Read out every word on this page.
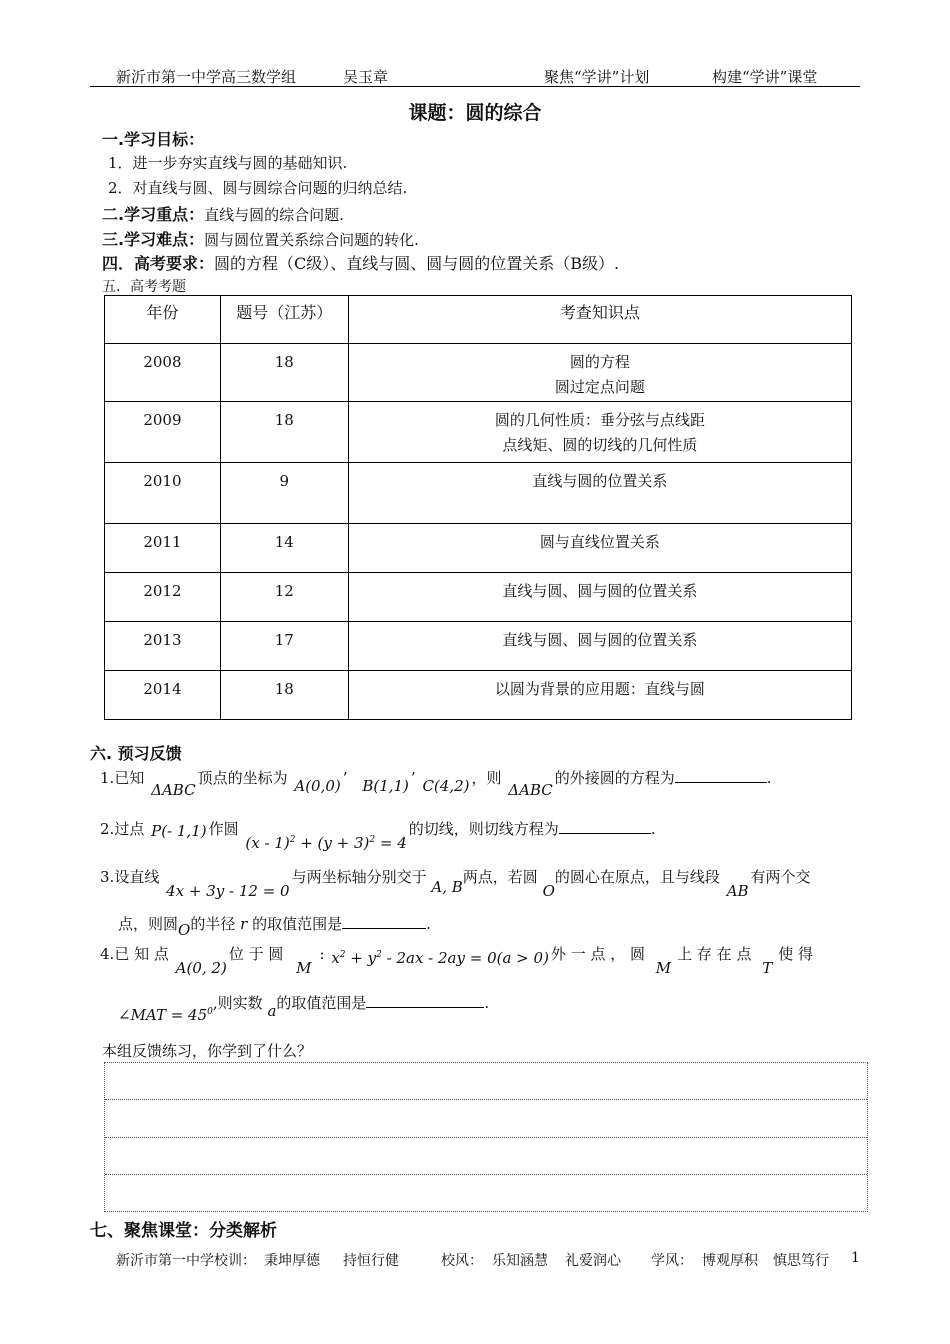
新沂市第一中学高三数学组	吴玉章	聚焦“学讲”计划	构建“学讲”课堂
课题：圆的综合
一.学习目标：
1．进一步夯实直线与圆的基础知识.
2．对直线与圆、圆与圆综合问题的归纳总结.
二.学习重点：直线与圆的综合问题.
三.学习难点：圆与圆位置关系综合问题的转化.
四．高考要求：圆的方程（C级）、直线与圆、圆与圆的位置关系（B级）.
五．高考考题
年份	题号（江苏）	考查知识点
2008	18	圆的方程
圆过定点问题

2009	18	圆的几何性质：垂分弦与点线距
点线矩、圆的切线的几何性质

2010	9	直线与圆的位置关系
2011	14	圆与直线位置关系
2012	12	直线与圆、圆与圆的位置关系
2013	17	直线与圆、圆与圆的位置关系
2014	18	以圆为背景的应用题：直线与圆
六. 预习反馈
1.已知 ΔABC顶点的坐标为 A(0,0) ’ B(1,1) ’ C(4,2) ，则 ΔABC的外接圆的方程为	.
2.过点 P(- 1,1) 作圆 $(x - 1)^2 + (y + 3)^2 = 4$的切线，则切线方程为	.
3.设直线 4x + 3y - 12 = 0与两坐标轴分别交于 A, B两点，若圆 O的圆心在原点，且与线段 AB有两个交
点，则圆O的半径 r 的取值范围是	.
4.已 知 点 A(0, 2)位 于 圆 M: $x^2 + y^2 - 2ax - 2ay = 0(a > 0)$ 外 一 点 ， 圆 M上 存 在 点 T使 得
∠MAT = $45^0$,则实数 a的取值范围是	.
本组反馈练习，你学到了什么？
七、聚焦课堂：分类解析
新沂市第一中学校训： 秉坤厚德 持恒行健	校风： 乐知涵慧 礼爱润心 学风： 博观厚积 慎思笃行 1
